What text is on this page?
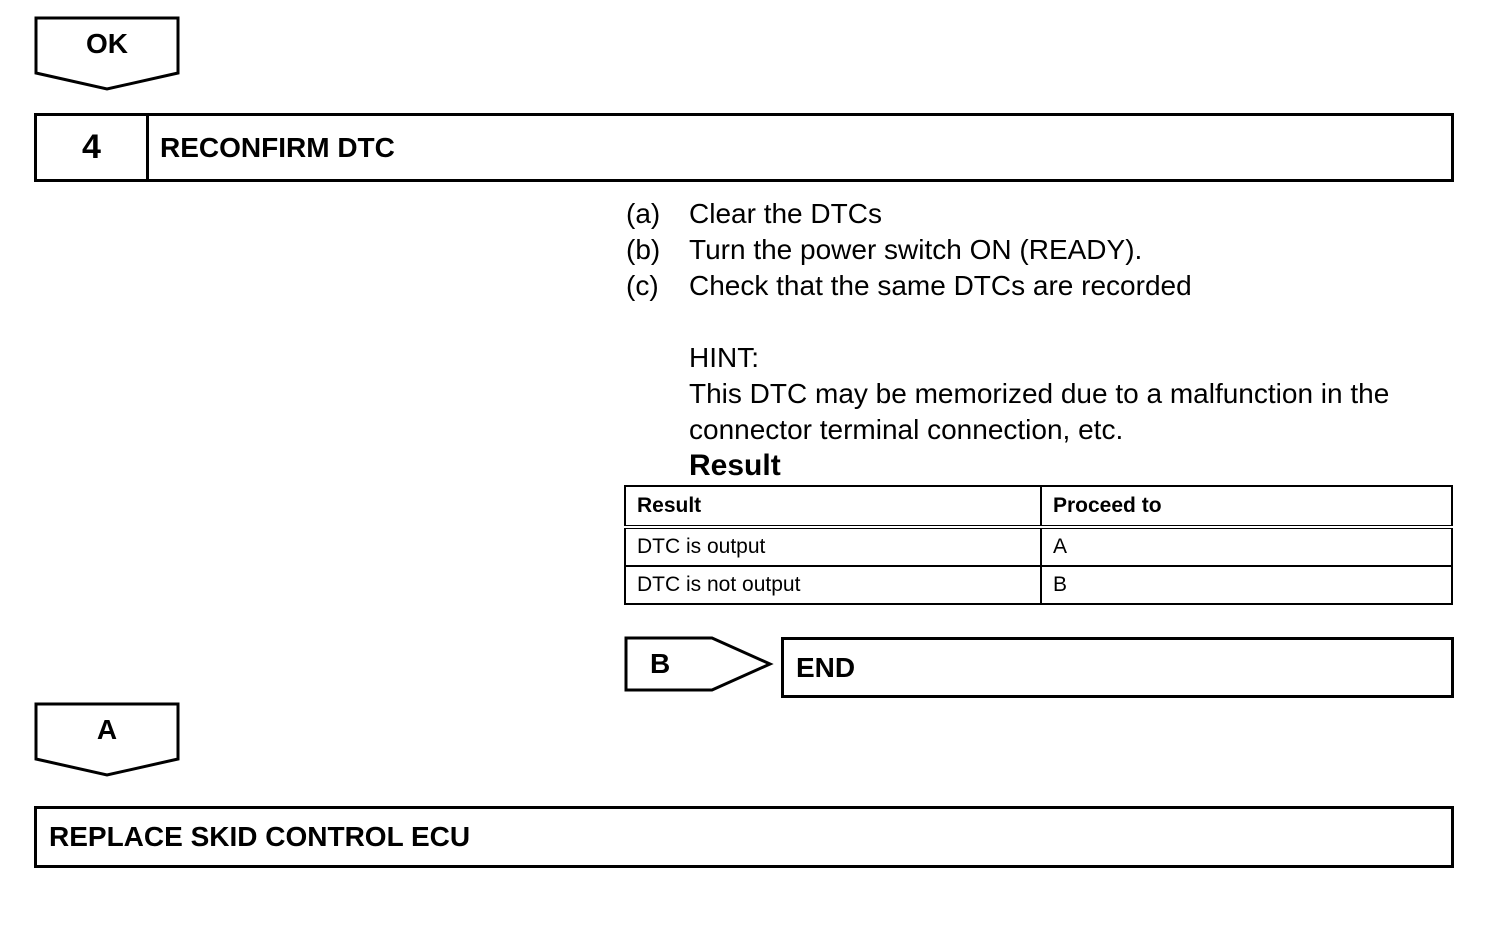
OK
4	RECONFIRM DTC
(a)	Clear the DTCs
(b)	Turn the power switch ON (READY).
(c)	Check that the same DTCs are recorded
HINT:
This DTC may be memorized due to a malfunction in the
connector terminal connection, etc.
Result
Result	Proceed to
DTC is output	A
DTC is not output	B
B	END
A
REPLACE SKID CONTROL ECU
